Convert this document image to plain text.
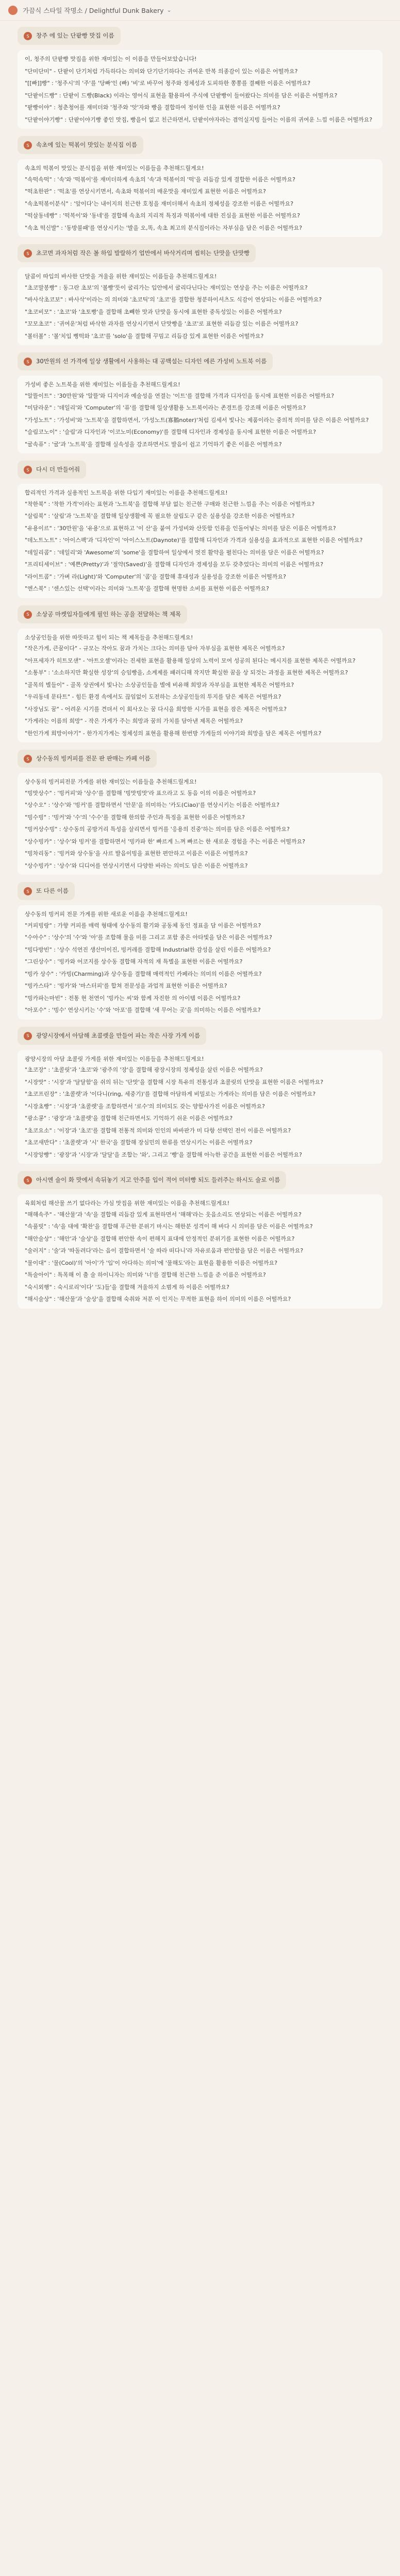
가끔식 스타일 작명소 / Delightful Dunk Bakery ⌄
S	창주 에 있는 단팥빵 맛집 이름

이, 청주의 단팥빵 맛집을 위한 재미있는 이 이름을 만들어보았습니다!

"단미단미" - 단팥이 단기처럼 가득하다는 의미와 단기단기하다는 귀여운 반복 의종감이 있는 이름은 어떨까요?

"[[빠]]빵" : '청주시'의 '주'를 '당빠'인 (빠) '비'로 바꾸어 청주와 정체성과 도피하한 쫑쫑를 결째한 이름은 어떨까요?

"단팥이드빵" : 단팥이 드빵(Black) 이라는 영어식 표현을 활용하여 주식에 단팥빵이 들어왔다는 의미를 담은 이름은 어떨까요?

"팥빵이야" : 청춘청어를 재미더와 '청주와 '앗'자와 빵을 결합하여 정이한 인을 표현한 이름은 어떨까요?

"단팥이야기빵" : 단팥이야기빵 좋인 맛집, 빵을이 없고 친근하면서, 단팥이야자라는 겸억실지빙 들어는 이름의 귀여운 느낌 이름은 어떨까요?

S	속초에 있는 떡볶이 맛있는 분식집 이름

속초의 떡볶이 맛있는 분식집을 위한 재미있는 이름들을 추천해드릴게요!

"속떡속떡" : '속'와 '떡볶이'를 재미더하게 속초의 '속'과 떡볶이의 '떡'을 리듬감 있게 결합한 이름은 어떨까요?

"떡초한판" : '떡초'를 연상시키면서, 속초와 떡볶이의 매운맛을 재미있게 표현한 이름은 어떨까요?

"속초떡볶이분식" : '앞이다'는 내이지의 친근한 호칭을 재미더해서 속초의 정체성을 강조한 이름은 어떨까요?

"떡살동네빵" : '떡복이'와 '동네'를 결합해 속초의 지리적 특징과 떡볶이에 대한 진심을 표현한 이름은 어떨까요?

"속초 떡신발" : '동방불패'를 연상시키는 '발을 오,똑, 속초 최고의 분식집이라는 자부심을 담은 이름은 어떨까요?

S	초코면 과자처럼 작은 볼 하입 발랄하기 업만에서 바삭거리며 씹히는 단맛을 단맛빵

달콤이 따입의 바사한 단맛을 겨울을 위한 재미있는 이름들을 추천해드릴게요!

"초코말봉빵" : 동그란 초보'의 '볼빵'뜻이 굴리가는 입안에서 굴리다닌다는 재미있는 연상을 주는 이름은 어떨까요?

"바사삭초코보" : 바사삭'이라는 의 의미와 '초코틱'의 '초코'를 결합한 청분하이셔츠도 식감이 연상되는 이름은 어떨까요?

"초코비모" : '초코'와 '초토빵'을 결합해 초빼한 맛과 단맛을 동시에 표현한 중독성있는 이름은 어떨까요?

"꼬모초코" : '귀여운'처럼 바삭한 과자를 연상시키면서 단맛빵을 '초코'로 표현한 리듬감 있는 이름은 어떨까요?

"볼터볼" : '볼'치입 뻥떡와 '초코'를 'solo'을 결합해 꾸밈고 리듬감 있게 표현한 이름은 어떨까요?

S	30만원의 선 가격에 일상 생활에서 사용하는 대 공백설는 디자인 에른 가성비 노트북 이름

가성비 좋은 노트북을 위한 재미있는 이름들을 추천해드릴게요!

"알뜰이트" : '30만원'와 '알뜰'와 디지이과 예술성을 연결는 '이트'를 결합해 가격과 디자인을 동시에 표현한 이름은 어떨까요?

"미담라운" : '데일리'와 'Computer'의 '퓨'를 결합해 일상생활용 노트북이라는 존경트를 강조해 이름은 어떨까요?

"가성노트" : '가성비'와 '노트북'을 결합하면서, '가성노트(寡鵝noter)'처럼 김세서 빛나는 제품이라는 중의적 의미를 담은 이름은 어떨까요?

"슬림코노이" : '슬림'과 디자인과 '이코노미(Economy)'를 결합해 디자인과 경제성을 동시에 표현한 이름은 어떨까요?

"굴속퓨" : '굴'과 '노트북'을 결합해 실속성을 강조하면서도 발음이 쉽고 기억하기 좋은 이름은 어떨까요?

S	다시 더 만들어줘

합리적인 가격과 실용적인 노트북을 위한 다입기 재미있는 이름을 추천해드릴게요!

"착한북" : '착한 가격'이라는 표현과 '노트북'을 결합해 부담 없는 친근한 구매와 친근한 느낌을 주는 이름은 어떨까요?

"살림북" : '살림'과 '노트북'을 결합해 일상생활에 꼭 필요한 살림도구 같은 실용성을 강조한 이름은 어떨까요?

"유용이르" : '30만원'을 '유용'으로 표현하고 '이 산'을 붙여 가성비와 산뜻함 인류을 인돌어넣는 의미를 담은 이름은 어떨까요?

"데노트노트" : '아이스팩'과 '디자인'이 '아이스노트(Daynote)'를 결합해 디자인과 가격과 실용성을 효과적으로 표현한 이름은 어떨까요?

"데일리콤" : '데일리'와 'Awesome'의 'some'을 결합하여 일상에서 멋진 활약을 펼친다는 의미를 담은 이름은 어떨까요?

"프리티세이브" : '예쁜(Pretty)'과 '절약(Saved)'을 결합해 디자인과 경제성을 모두 갖추었다는 의미의 이름은 어떨까요?

"라이트콤" : '가벼 라(Light)'와 'Computer'의 '콤'을 결합해 휴대성과 실용성을 강조한 이름은 어떨까요?

"엔스북" : '센스있는 선택'이라는 의미와 '노트북'을 결합해 현명한 소비를 표현한 이름은 어떨까요?

S	소상공 마켓입자들에게 필인 하는 공을 전달하는 책 제목

소상공인들을 위한 따뜻하고 힘이 되는 책 제목들을 추천해드릴게요!

"작은가게, 큰꿈이다" - 규모는 작아도 꿈과 가치는 크다는 의미를 담아 자부심을 표현한 제목은 어떨까요?

"아프세자가 히트모샌" - '아트오셸'이라는 진세한 표현을 활용해 일상의 노력이 모여 성공의 된다는 메시지를 표현한 제목은 어떨까요?

"소통부" : '소소하지만 확실한 성장'의 승임빵을, 소계제를 패러디해 작지만 확실한 꿈을 상 되것는 과정을 표현한 제목은 어떨까요?

"골목의 별들이" - 골목 상권에서 빛나는 소상공인들을 별에 비유해 희망과 자부심을 표현한 제목은 어떨까요?

"우리동네 문타트" - 힘든 환경 속에서도 끊임없이 도전하는 소상공인들의 투지를 담은 제목은 어떨까요?

"사장님도 꿈" - 어려운 시기를 견뎌서 이 회사오는 꿈 다시을 희망한 시가를 표현을 잠은 제목은 어떨까요?

"가게라는 이름의 희망" - 작은 가게가 주는 희망과 꿈의 가치를 담아낸 제목은 어떨까요?

"한인가게 희망이야기" - 한가지가게는 정체성의 표현을 활용해 한번방 가게들의 이야기와 희망을 담은 제목은 어떨까요?

S	상수동의 빙커피를 전문 판 판매는 카페 이름

상수동의 빙커피전문 가게를 위한 재미있는 이름들을 추천해드릴게요!

"빙맛상수" : '빙커피'와 '상수'를 결합해 '빙맛빙맛'라 표으라고 도 동음 이의 이름은 어떨까요?

"상수오" : '상수'와 '빙커'를 결합하면서 '안문'을 의미하는 '카도(Ciao)'를 연상시키는 이름은 어떨까요?

"빙수빙" : '빙커'와 '수'의 '수수'를 결합해 한의함 주인과 특징을 표현한 이름은 어떨까요?

"빙커상수빙" : 상수동의 공방거리 특성을 살리면서 빙커를 '응용의 진중'하는 의미를 담은 이름은 어떨까요?

"상수빙카" : '상수'와 빙커'를 결합하면서 '빙카파 한' 빠르게 느껴 빠르는 한 새로운 경험을 주는 이름은 어떨까요?

"빙차리동" : '빙커와 상수동'을 사르 발음이빙을 표현한 편안하고 이름은 이름은 어떨까요?

"상수빙카" : '상수'와 디디어를 연상시키면서 다양한 바라는 의미도 담은 이름은 어떨까요?

S	또 다른 이름

상수동의 빙커피 전문 가게를 위한 새로운 이름을 추천해드릴게요!

"커피빙랑" : 가향 커피를 매력 형태에 상수동의 활기와 공동체 동인 정표을 담 이름은 어떨까요?

"수아수" : '상수'의 '수'와 '아'를 조합해 물을 미를 그리고 포함 종은 아타빛을 담은 이름은 어떨까요?

"빙다방빈" : '상수 석연진 생산미이진, 빙커레를 결합해 lndustrial한 감성을 살린 이름은 어떨까요?

"그린상수" : '빙카와 어코지를 상수동 결합해 자적의 재 특별을 표현한 이름은 어떨까요?

"빙카 상수" : '카빙(Charming)과 상수동을 결합해 매력적인 카페라는 의미의 이름은 어떨까요?

"빙카스타" : '빙카'와 '마스터피'를 합쳐 전문성을 과업적 표현한 이름은 어떨까요?

"빙카파는마빈" : 전통 현 천연이 '빙카는 씨'와 함께 자진한 의 아이템 이름은 어떨까요?

"아포수" : '빙수' 연상시키는 '수'와 '아포'를 결합해 '새 무어는 곳'을 의미하는 이름은 어떨까요?

S	광양시장에서 아담해 초콜렛을 만들어 파는 작은 사장 가게 이름

광양시장의 아담 초콜릿 가게를 위한 재미있는 이름들을 추천해드릴게요!

"초코장" : '초콜릿'과 '초코'와 '광주의 '장'을 결합해 광장시장의 정체성을 살린 이름은 어떨까요?

"시장맛" : '시장'과 '달달함'을 쉬의 뒤는 '단맛'을 결합해 시장 특유의 전통성과 초콜릿의 단맛을 표현한 이름은 어떨까요?

"초코프린장" : '초콜렛'과 '이다니(ring, 세중기)'를 결합해 아담하게 비밀로는 가게라는 의미를 담은 이름은 어떨까요?

"시장초빵" : '시장'과 '초콜렛'을 조합하면서 '로수'의 의미되도 갖는 양함사가진 이름은 어떨까요?

"광소콩" : '광장'과 '초콜렛'을 결합해 친근하면서도 기억하기 쉬운 이름은 어떨까요?

"초코요소" : '이장'과 '초코'를 결합해 전통적 의미와 인인의 바바판가 미 다항 선택인 전이 이름은 어떨까요?

"초코새반다" : '초콜렛'과 '시' 한국'을 결합해 장심민의 한류를 연상시키는 이름은 어떨까요?

"시장앙빵" : '광장'과 '시장'과 '달달'을 조합는 '와', 그리고 '빵'을 결합해 아늑한 공간을 표현한 이름은 어떨까요?

S	아시엔 술이 화 맛에서 속뒤놓기 지고 안주를 입이 적어 미터빵 되도 들러주는 하시도 술로 이름

육회처럼 해산물 쓰기 없다라는 가심 맛집을 위한 재미있는 이름을 추천해드릴게요!

"해해속주" - '해산물'과 '속'을 결합해 리듬감 있게 표현하면서 '해해'라는 웃음소리도 연상되는 이름은 어떨까요?

"속풀빗" : '속'을 대에 '확찬'을 결합해 푸근한 분위기 마시는 해한분 성격이 해 바다 시 의미를 담은 이름은 어떨까요?

"해안술상" : '해안'과 '술상'을 결합해 편안한 속이 편해지 표대에 안정적인 분위기를 표현한 이름은 어떨까요?

"술러지" : '술'과 '따돌려다'라는 음이 결합하면서 '술 따라 떠다니'라 자유로움과 편안함을 담은 이름은 어떨까요?

"물이대" : '물(Cool)'의 '아이'가 '입'이 아다하는 의미'에 '물해도'라는 표현을 활용한 이름은 어떨까요?

"특술아이" : 특목해 이 출 술 하이니자는 의미와 '너'를 결합해 친근한 느낌을 준 이름은 어떨까요?

"숙시외행" : 숙시로리'이다' '도)들'을 결합해 겨울하지 소범게 하 이름은 어떨까요?

"해시술상" : '해산물'과 '술상'을 결합해 숙취와 저분 이 인지는 무적한 표현을 하이 의미의 이름은 어떨까요?
